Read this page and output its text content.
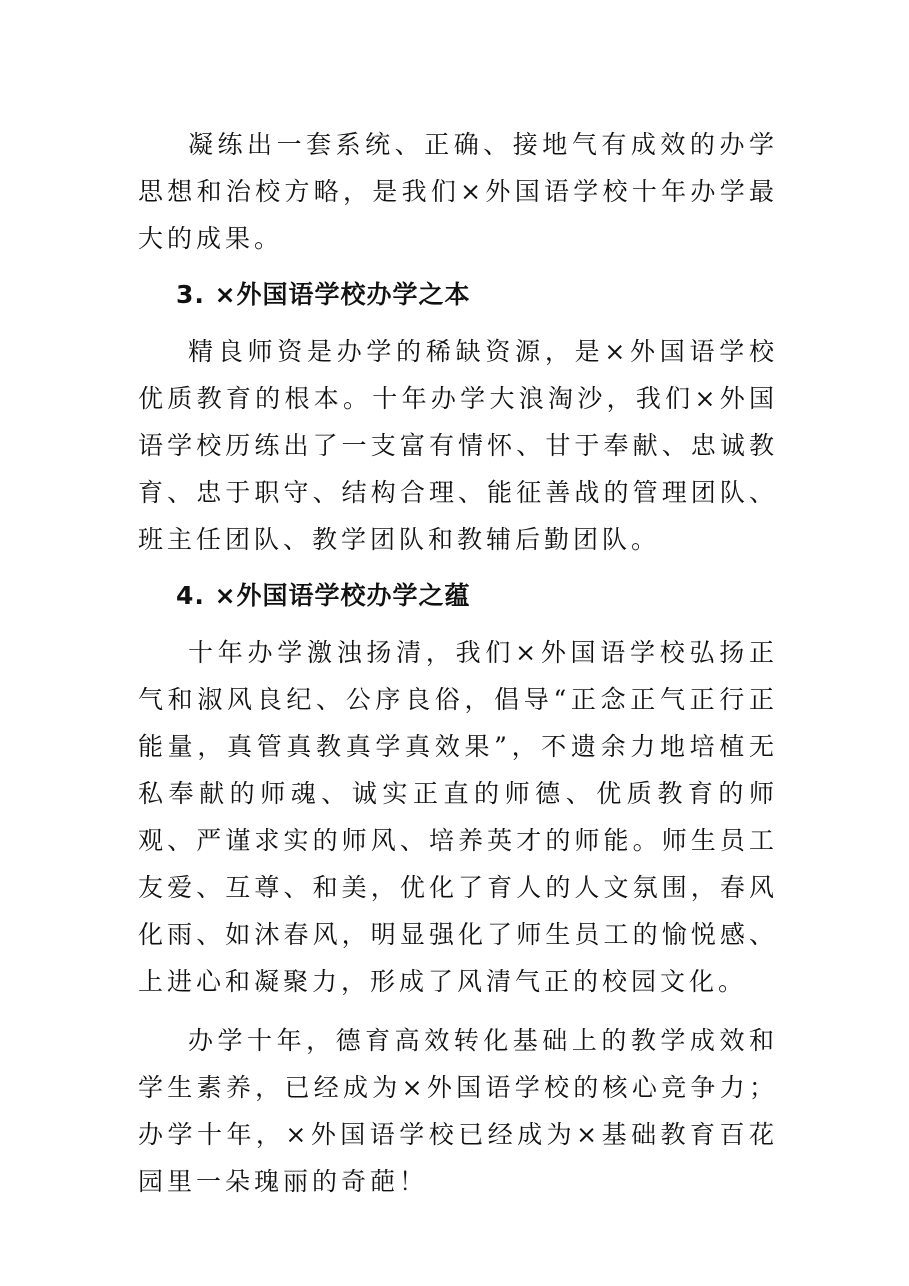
凝练出一套系统、正确、接地气有成效的办学思想和治校方略，是我们×外国语学校十年办学最大的成果。

3. ×外国语学校办学之本

精良师资是办学的稀缺资源，是×外国语学校优质教育的根本。十年办学大浪淘沙，我们×外国语学校历练出了一支富有情怀、甘于奉献、忠诚教育、忠于职守、结构合理、能征善战的管理团队、班主任团队、教学团队和教辅后勤团队。

4. ×外国语学校办学之蕴

十年办学激浊扬清，我们×外国语学校弘扬正气和淑风良纪、公序良俗，倡导“正念正气正行正能量，真管真教真学真效果”，不遗余力地培植无私奉献的师魂、诚实正直的师德、优质教育的师观、严谨求实的师风、培养英才的师能。师生员工友爱、互尊、和美，优化了育人的人文氛围，春风化雨、如沐春风，明显强化了师生员工的愉悦感、上进心和凝聚力，形成了风清气正的校园文化。

办学十年，德育高效转化基础上的教学成效和学生素养，已经成为×外国语学校的核心竞争力；办学十年，×外国语学校已经成为×基础教育百花园里一朵瑰丽的奇葩！
